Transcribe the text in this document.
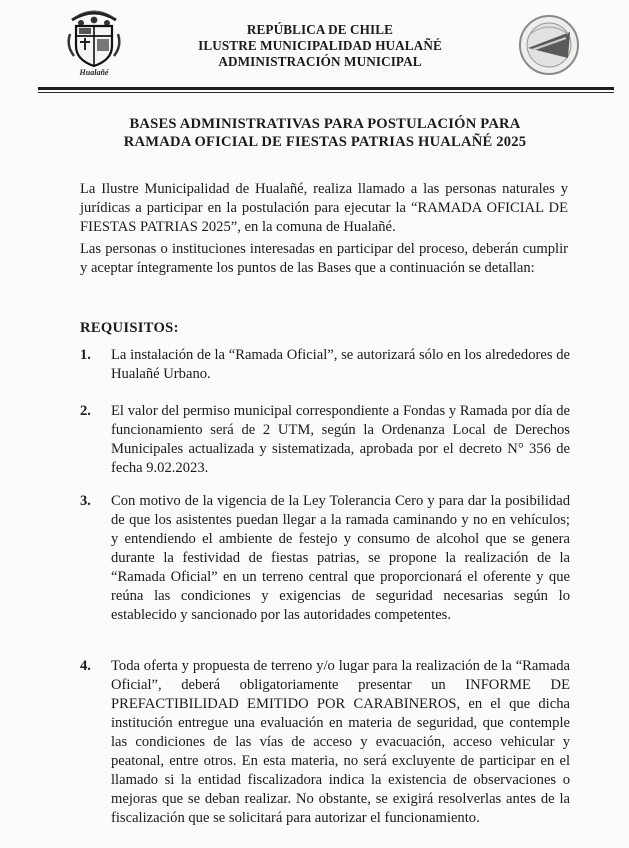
Hualañé
REPÚBLICA DE CHILE
ILUSTRE MUNICIPALIDAD HUALAÑÉ
ADMINISTRACIÓN MUNICIPAL
BASES ADMINISTRATIVAS PARA POSTULACIÓN PARA
RAMADA OFICIAL DE FIESTAS PATRIAS HUALAÑÉ 2025
La Ilustre Municipalidad de Hualañé, realiza llamado a las personas naturales y jurídicas a participar en la postulación para ejecutar la “RAMADA OFICIAL DE FIESTAS PATRIAS 2025”, en la comuna de Hualañé.
Las personas o instituciones interesadas en participar del proceso, deberán cumplir y aceptar íntegramente los puntos de las Bases que a continuación se detallan:
REQUISITOS:
1.	La instalación de la “Ramada Oficial”, se autorizará sólo en los alrededores de Hualañé Urbano.
2.	El valor del permiso municipal correspondiente a Fondas y Ramada por día de funcionamiento será de 2 UTM, según la Ordenanza Local de Derechos Municipales actualizada y sistematizada, aprobada por el decreto N° 356 de fecha 9.02.2023.
3.	Con motivo de la vigencia de la Ley Tolerancia Cero y para dar la posibilidad de que los asistentes puedan llegar a la ramada caminando y no en vehículos; y entendiendo el ambiente de festejo y consumo de alcohol que se genera durante la festividad de fiestas patrias, se propone la realización de la “Ramada Oficial” en un terreno central que proporcionará el oferente y que reúna las condiciones y exigencias de seguridad necesarias según lo establecido y sancionado por las autoridades competentes.
4.	Toda oferta y propuesta de terreno y/o lugar para la realización de la “Ramada Oficial”, deberá obligatoriamente presentar un INFORME DE PREFACTIBILIDAD EMITIDO POR CARABINEROS, en el que dicha institución entregue una evaluación en materia de seguridad, que contemple las condiciones de las vías de acceso y evacuación, acceso vehicular y peatonal, entre otros. En esta materia, no será excluyente de participar en el llamado si la entidad fiscalizadora indica la existencia de observaciones o mejoras que se deban realizar. No obstante, se exigirá resolverlas antes de la fiscalización que se solicitará para autorizar el funcionamiento.
